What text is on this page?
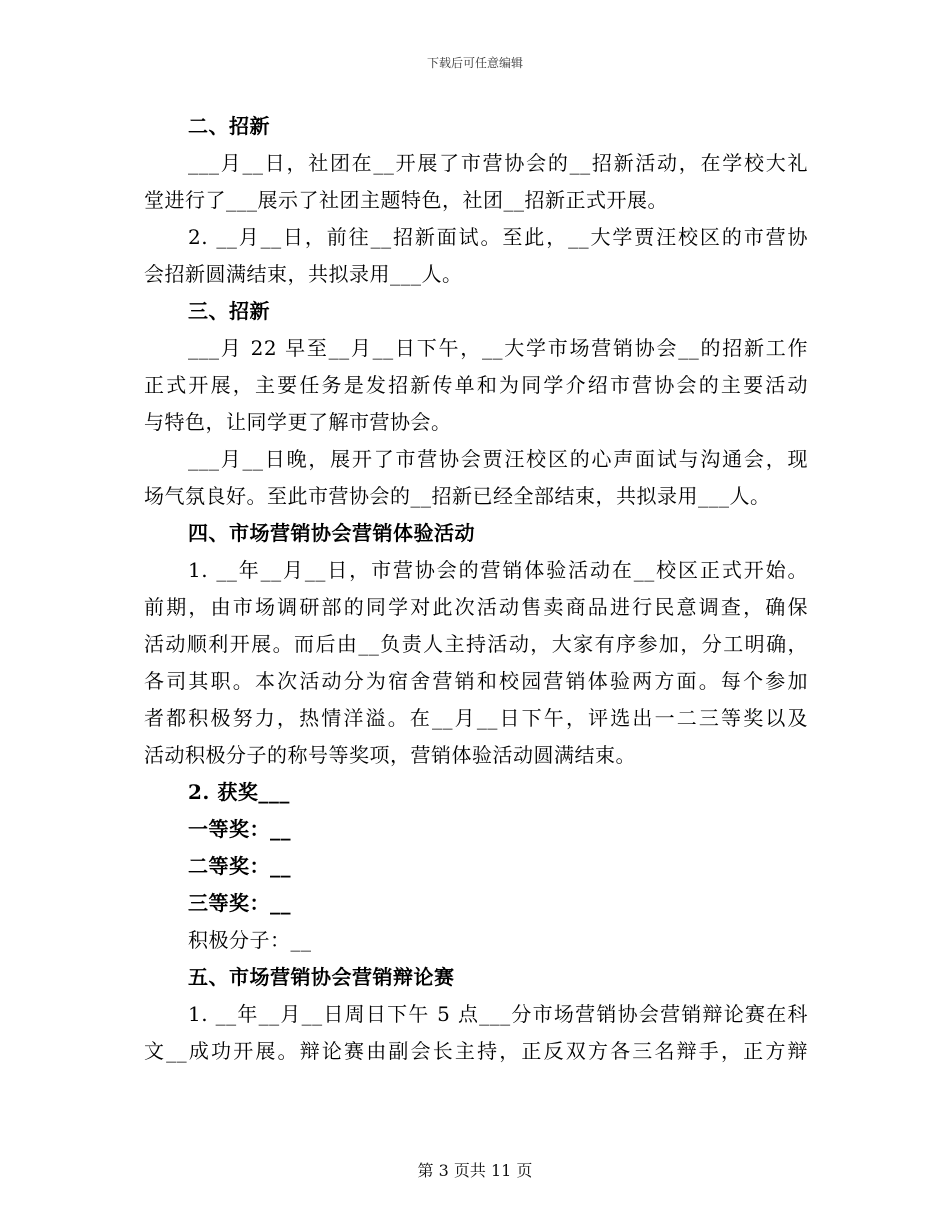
下载后可任意编辑
二、招新
___月__日，社团在__开展了市营协会的__招新活动，在学校大礼
堂进行了___展示了社团主题特色，社团__招新正式开展。
2. __月__日，前往__招新面试。至此，__大学贾汪校区的市营协
会招新圆满结束，共拟录用___人。
三、招新
___月 22 早至__月__日下午，__大学市场营销协会__的招新工作
正式开展，主要任务是发招新传单和为同学介绍市营协会的主要活动
与特色，让同学更了解市营协会。
___月__日晚，展开了市营协会贾汪校区的心声面试与沟通会，现
场气氛良好。至此市营协会的__招新已经全部结束，共拟录用___人。
四、市场营销协会营销体验活动
1. __年__月__日，市营协会的营销体验活动在__校区正式开始。
前期，由市场调研部的同学对此次活动售卖商品进行民意调查，确保
活动顺利开展。而后由__负责人主持活动，大家有序参加，分工明确，
各司其职。本次活动分为宿舍营销和校园营销体验两方面。每个参加
者都积极努力，热情洋溢。在__月__日下午，评选出一二三等奖以及
活动积极分子的称号等奖项，营销体验活动圆满结束。
2. 获奖___
一等奖：__
二等奖：__
三等奖：__
积极分子：__
五、市场营销协会营销辩论赛
1. __年__月__日周日下午 5 点___分市场营销协会营销辩论赛在科
文__成功开展。辩论赛由副会长主持，正反双方各三名辩手，正方辩
第 3 页共 11 页
